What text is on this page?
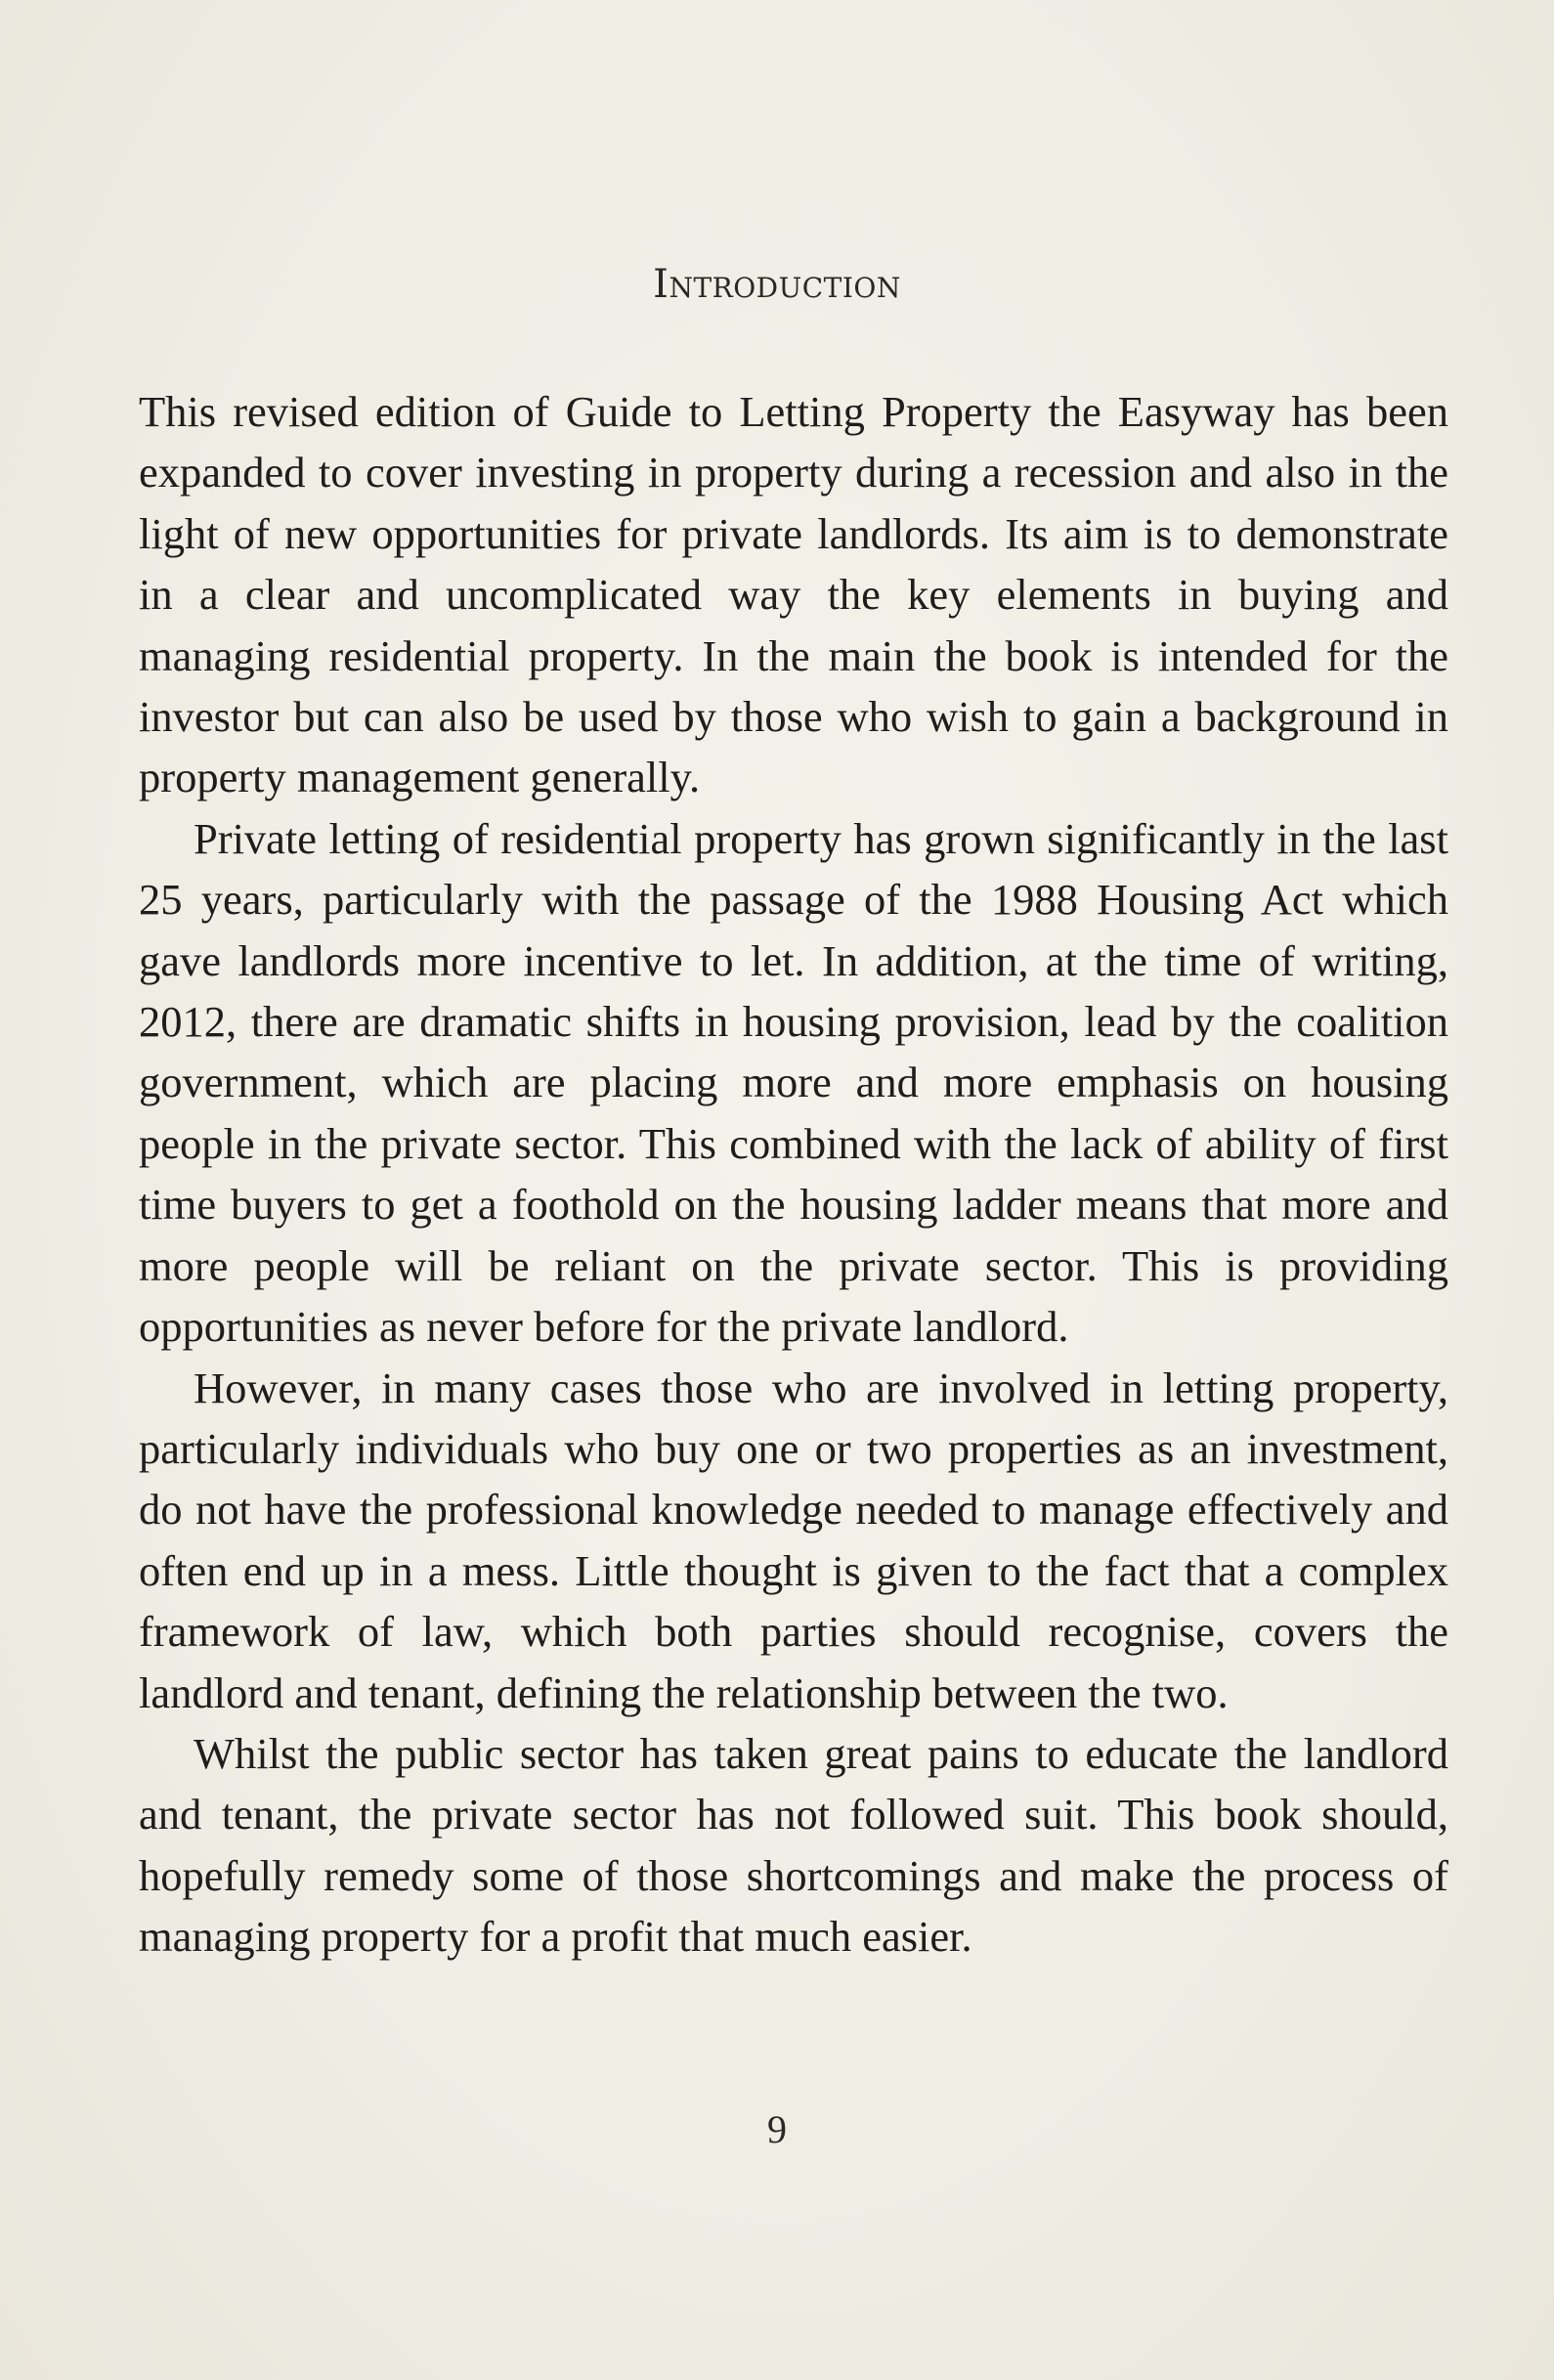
Introduction

This revised edition of Guide to Letting Property the Easyway has been expanded to cover investing in property during a recession and also in the light of new opportunities for private landlords. Its aim is to demonstrate in a clear and uncomplicated way the key elements in buying and managing residential property. In the main the book is intended for the investor but can also be used by those who wish to gain a background in property management generally.

Private letting of residential property has grown significantly in the last 25 years, particularly with the passage of the 1988 Housing Act which gave landlords more incentive to let. In addition, at the time of writing, 2012, there are dramatic shifts in housing provision, lead by the coalition government, which are placing more and more emphasis on housing people in the private sector. This combined with the lack of ability of first time buyers to get a foothold on the housing ladder means that more and more people will be reliant on the private sector. This is providing opportunities as never before for the private landlord.

However, in many cases those who are involved in letting property, particularly individuals who buy one or two properties as an investment, do not have the professional knowledge needed to manage effectively and often end up in a mess. Little thought is given to the fact that a complex framework of law, which both parties should recognise, covers the landlord and tenant, defining the relationship between the two.

Whilst the public sector has taken great pains to educate the landlord and tenant, the private sector has not followed suit. This book should, hopefully remedy some of those shortcomings and make the process of managing property for a profit that much easier.

9
